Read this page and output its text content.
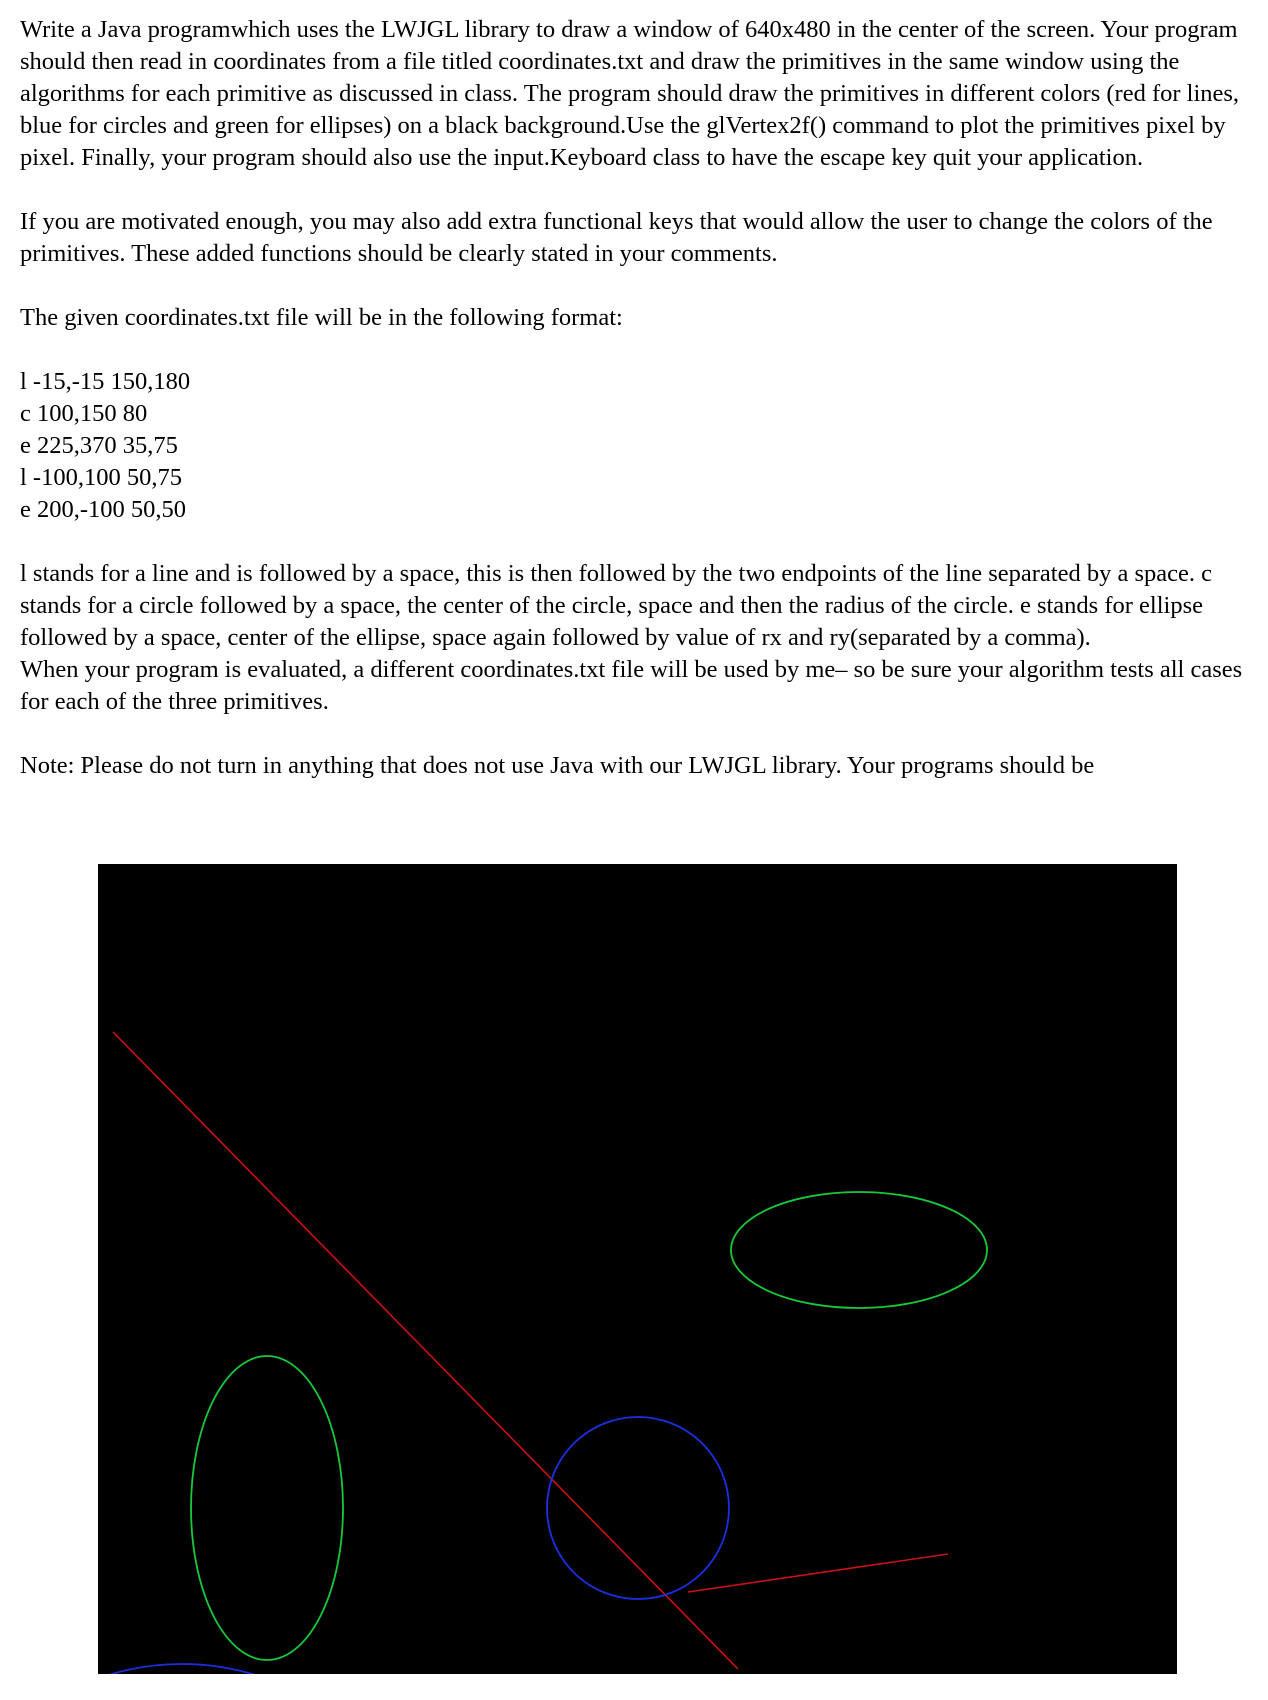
Write a Java programwhich uses the LWJGL library to draw a window of 640x480 in the center of the screen. Your program should then read in coordinates from a file titled coordinates.txt and draw the primitives in the same window using the algorithms for each primitive as discussed in class. The program should draw the primitives in different colors (red for lines, blue for circles and green for ellipses) on a black background.Use the glVertex2f() command to plot the primitives pixel by pixel. Finally, your program should also use the input.Keyboard class to have the escape key quit your application.

If you are motivated enough, you may also add extra functional keys that would allow the user to change the colors of the primitives. These added functions should be clearly stated in your comments.

The given coordinates.txt file will be in the following format:

l -15,-15 150,180
c 100,150 80
e 225,370 35,75
l -100,100 50,75
e 200,-100 50,50

l stands for a line and is followed by a space, this is then followed by the two endpoints of the line separated by a space. c stands for a circle followed by a space, the center of the circle, space and then the radius of the circle. e stands for ellipse followed by a space, center of the ellipse, space again followed by value of rx and ry(separated by a comma).

When your program is evaluated, a different coordinates.txt file will be used by me– so be sure your algorithm tests all cases for each of the three primitives.

Note: Please do not turn in anything that does not use Java with our LWJGL library. Your programs should be
